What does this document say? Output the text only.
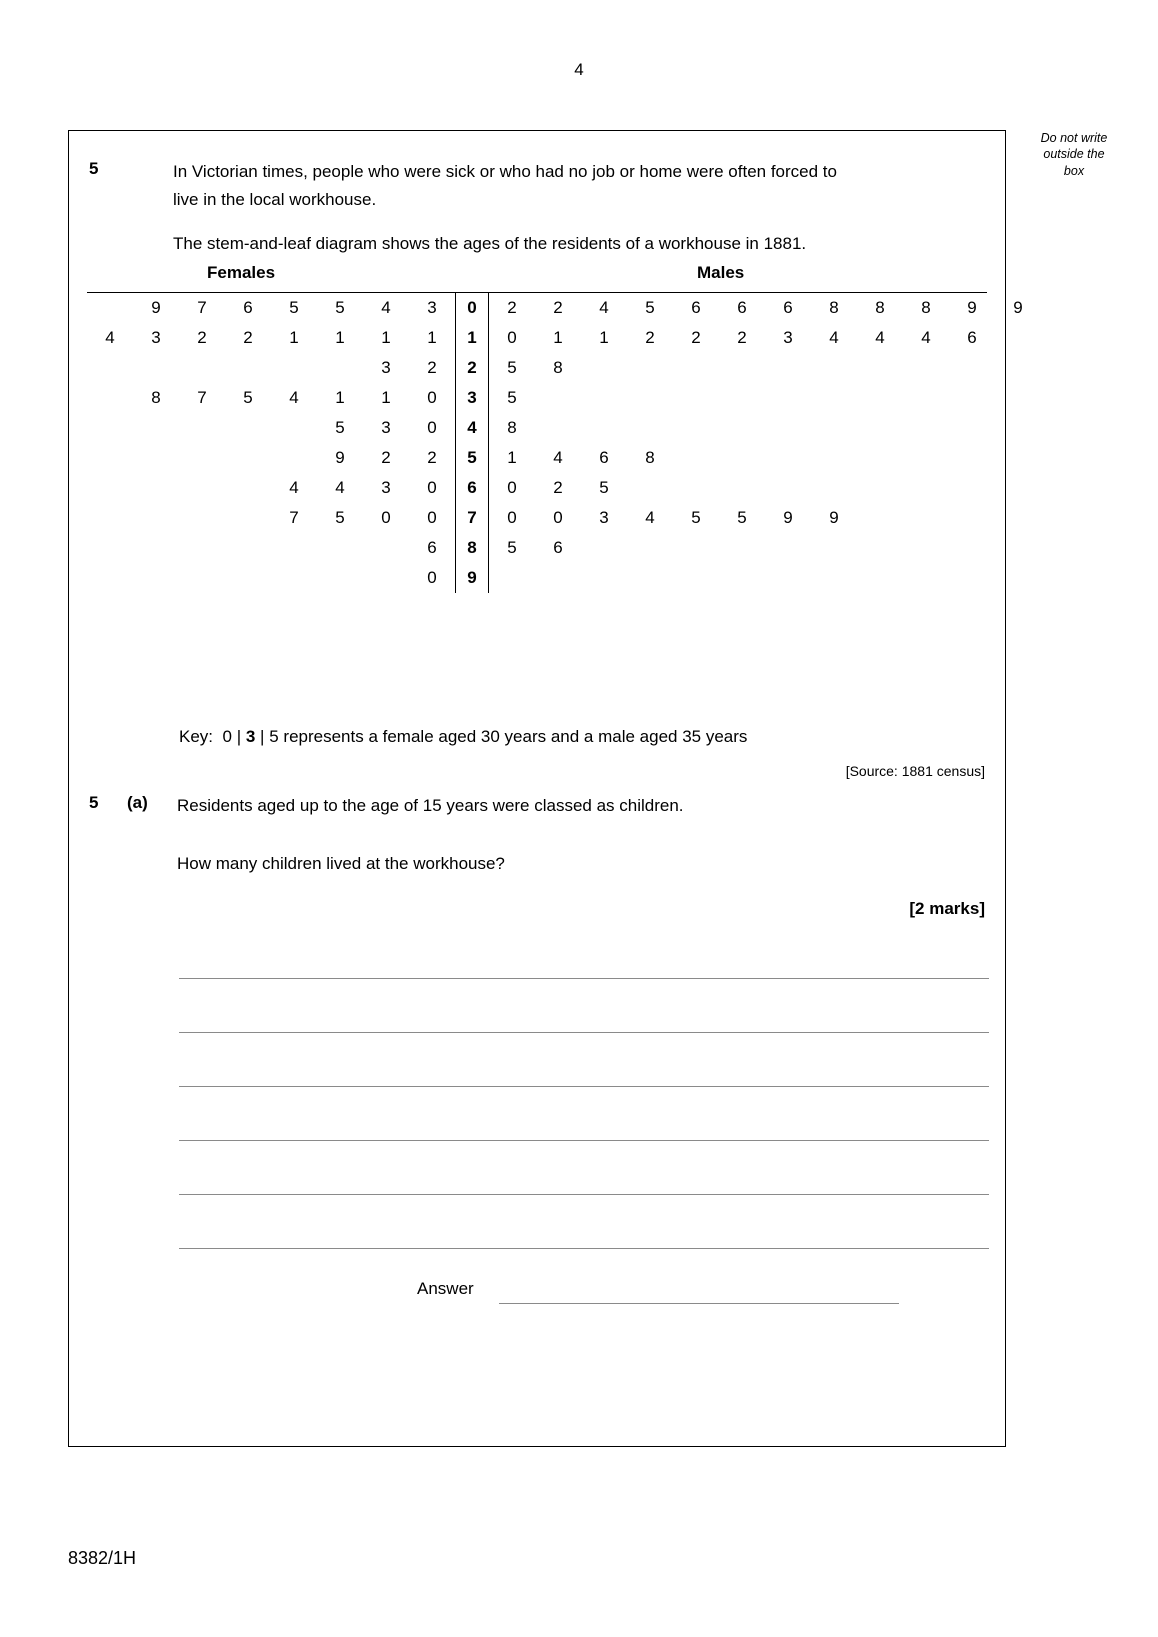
4
Do not write
outside the
box
5	In Victorian times, people who were sick or who had no job or home were often forced to
live in the local workhouse.
The stem-and-leaf diagram shows the ages of the residents of a workhouse in 1881.
Females	Males
	9	7	6	5	5	4	3	0	2	2	4	5	6	6	6	8	8	8	9	9
4	3	2	2	1	1	1	1	1	0	1	1	2	2	2	3	4	4	4	6	
						3	2	2	5	8										
	8	7	5	4	1	1	0	3	5											
					5	3	0	4	8											
					9	2	2	5	1	4	6	8								
				4	4	3	0	6	0	2	5									
				7	5	0	0	7	0	0	3	4	5	5	9	9				
							6	8	5	6										
							0	9												
Key: 0 | 3 | 5 represents a female aged 30 years and a male aged 35 years
[Source: 1881 census]
5 (a) Residents aged up to the age of 15 years were classed as children.
How many children lived at the workhouse?
[2 marks]
Answer
8382/1H
